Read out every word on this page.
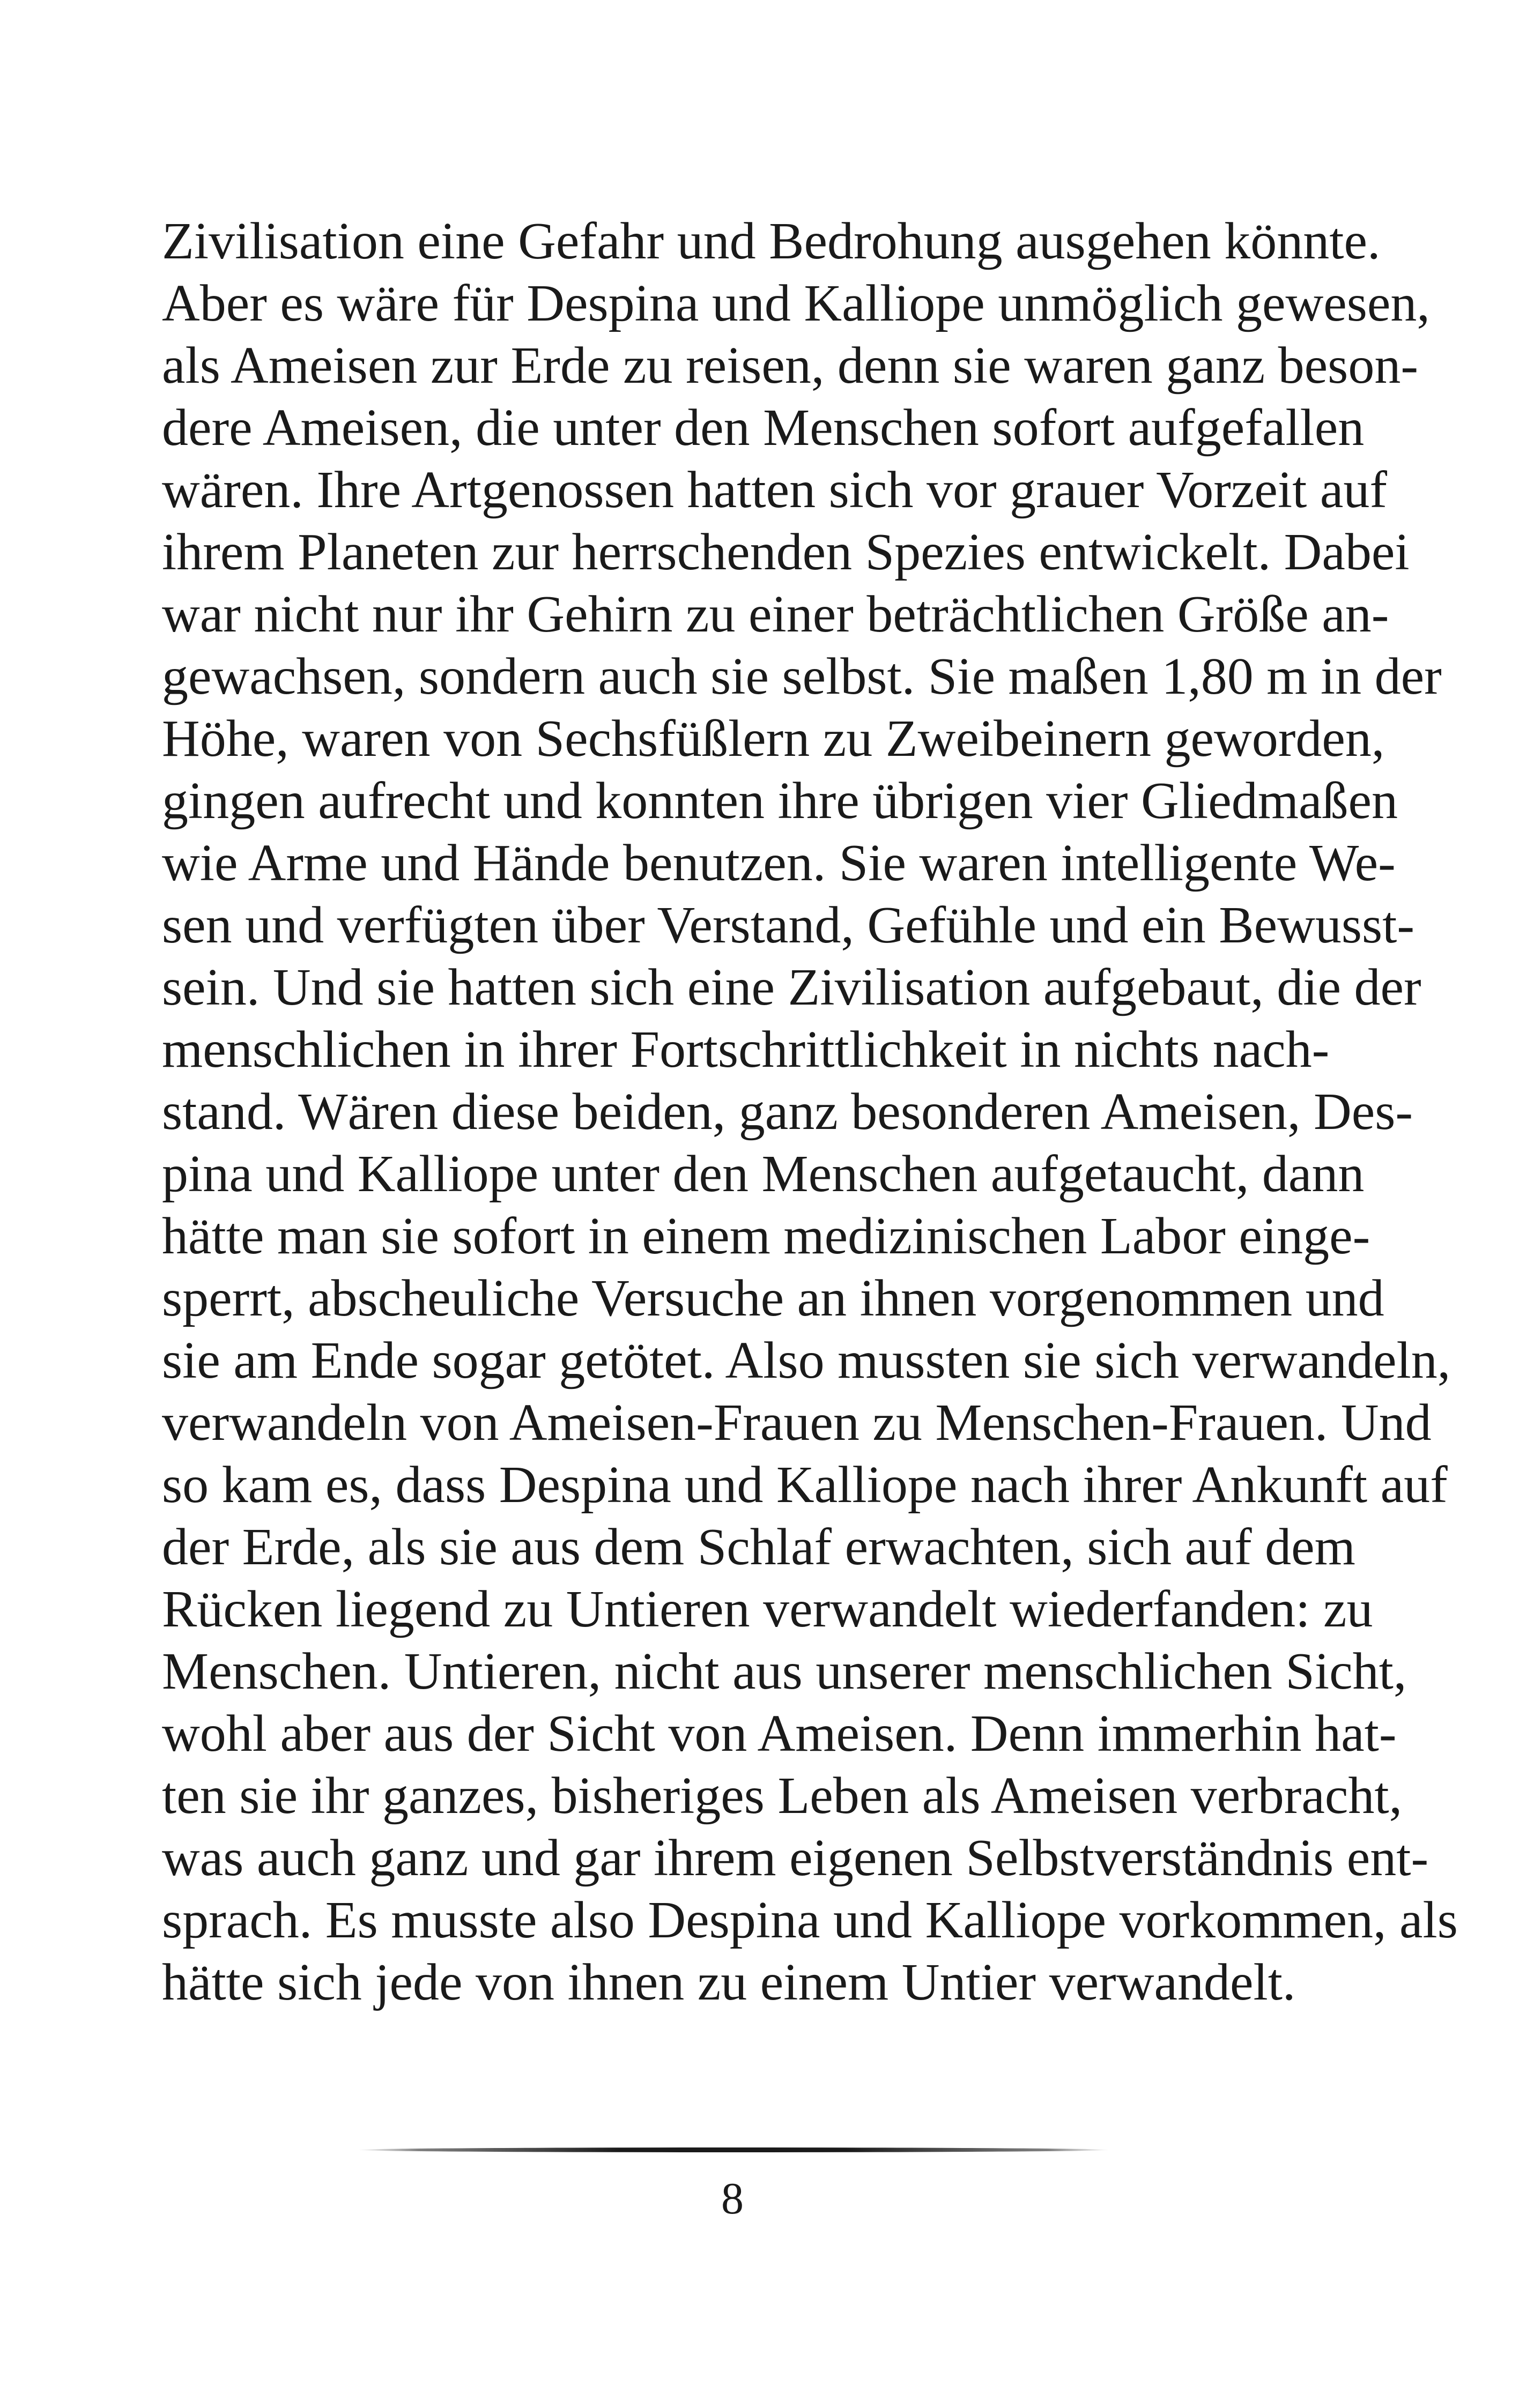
Zivilisation eine Gefahr und Bedrohung ausgehen könnte.
Aber es wäre für Despina und Kalliope unmöglich gewesen,
als Ameisen zur Erde zu reisen, denn sie waren ganz beson-
dere Ameisen, die unter den Menschen sofort aufgefallen
wären. Ihre Artgenossen hatten sich vor grauer Vorzeit auf
ihrem Planeten zur herrschenden Spezies entwickelt. Dabei
war nicht nur ihr Gehirn zu einer beträchtlichen Größe an-
gewachsen, sondern auch sie selbst. Sie maßen 1,80 m in der
Höhe, waren von Sechsfüßlern zu Zweibeinern geworden,
gingen aufrecht und konnten ihre übrigen vier Gliedmaßen
wie Arme und Hände benutzen. Sie waren intelligente We-
sen und verfügten über Verstand, Gefühle und ein Bewusst-
sein. Und sie hatten sich eine Zivilisation aufgebaut, die der
menschlichen in ihrer Fortschrittlichkeit in nichts nach-
stand. Wären diese beiden, ganz besonderen Ameisen, Des-
pina und Kalliope unter den Menschen aufgetaucht, dann
hätte man sie sofort in einem medizinischen Labor einge-
sperrt, abscheuliche Versuche an ihnen vorgenommen und
sie am Ende sogar getötet. Also mussten sie sich verwandeln,
verwandeln von Ameisen-Frauen zu Menschen-Frauen. Und
so kam es, dass Despina und Kalliope nach ihrer Ankunft auf
der Erde, als sie aus dem Schlaf erwachten, sich auf dem
Rücken liegend zu Untieren verwandelt wiederfanden: zu
Menschen. Untieren, nicht aus unserer menschlichen Sicht,
wohl aber aus der Sicht von Ameisen. Denn immerhin hat-
ten sie ihr ganzes, bisheriges Leben als Ameisen verbracht,
was auch ganz und gar ihrem eigenen Selbstverständnis ent-
sprach. Es musste also Despina und Kalliope vorkommen, als
hätte sich jede von ihnen zu einem Untier verwandelt.
8
